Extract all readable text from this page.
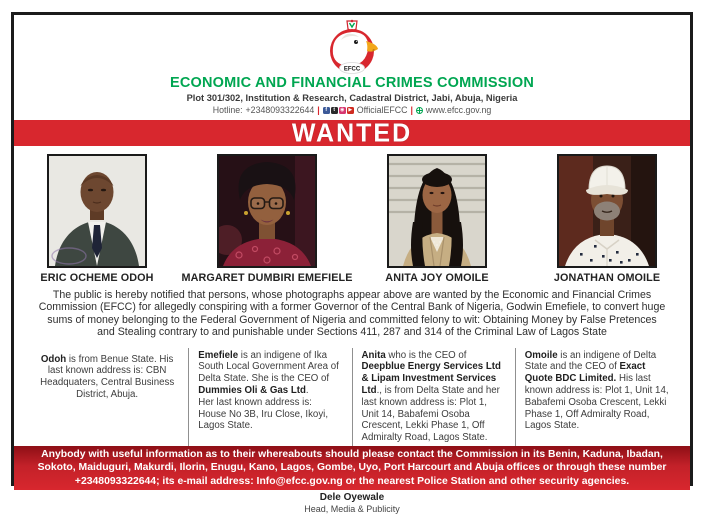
EFCC
ECONOMIC AND FINANCIAL CRIMES COMMISSION
Plot 301/302, Institution & Research, Cadastral District, Jabi, Abuja, Nigeria
Hotline: +2348093322644 |	f	t ◉ ▶ OfficialEFCC | www.efcc.gov.ng
WANTED
ERIC OCHEME ODOH	MARGARET DUMBIRI EMEFIELE	ANITA JOY OMOILE	JONATHAN OMOILE
The public is hereby notified that persons, whose photographs appear above are wanted by the Economic and Financial Crimes Commission (EFCC) for allegedly conspiring with a former Governor of the Central Bank of Nigeria, Godwin Emefiele, to convert huge sums of money belonging to the Federal Government of Nigeria and committed felony to wit: Obtaining Money by False Pretences and Stealing contrary to and punishable under Sections 411, 287 and 314 of the Criminal Law of Lagos State
Odoh is from Benue State. His last known address is: CBN Headquaters, Central Business District, Abuja.
Emefiele is an indigene of Ika South Local Government Area of Delta State. She is the CEO of Dummies Oli & Gas Ltd.
Her last known address is: House No 3B, Iru Close, Ikoyi, Lagos State.
Anita who is the CEO of Deepblue Energy Services Ltd & Lipam Investment Services Ltd., is from Delta State and her last known address is: Plot 1, Unit 14, Babafemi Osoba Crescent, Lekki Phase 1, Off Admiralty Road, Lagos State.
Omoile is an indigene of Delta State and the CEO of Exact Quote BDC Limited. His last known address is: Plot 1, Unit 14, Babafemi Osoba Crescent, Lekki Phase 1, Off Admiralty Road, Lagos State.
Anybody with useful information as to their whereabouts should please contact the Commission in its Benin, Kaduna, Ibadan, Sokoto, Maiduguri, Makurdi, Ilorin, Enugu, Kano, Lagos, Gombe, Uyo, Port Harcourt and Abuja offices or through these number +2348093322644; its e-mail address: Info@efcc.gov.ng or the nearest Police Station and other security agencies.
Dele Oyewale
Head, Media & Publicity
